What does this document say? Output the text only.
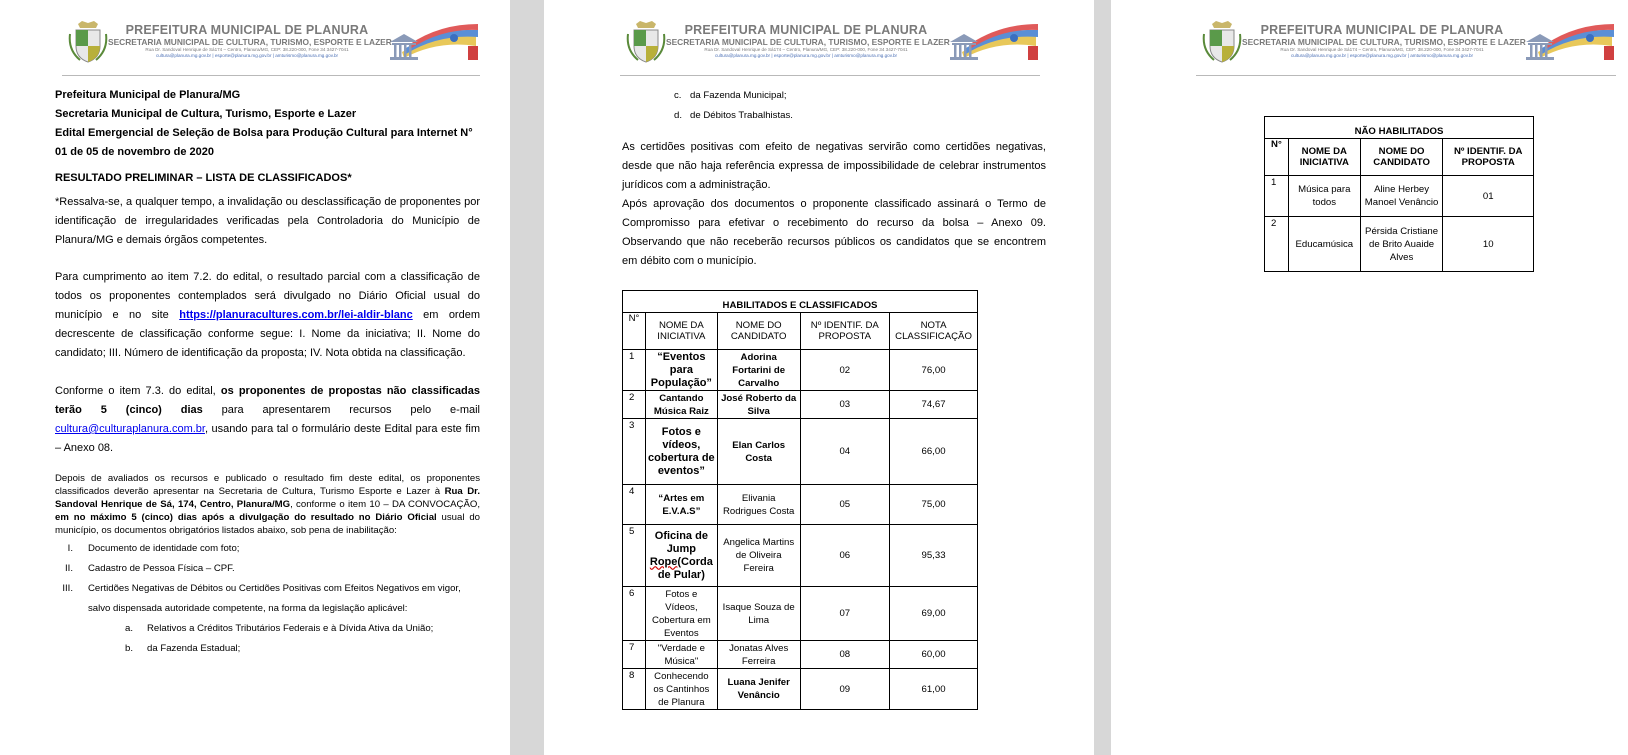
PREFEITURA MUNICIPAL DE PLANURA
SECRETARIA MUNICIPAL DE CULTURA, TURISMO, ESPORTE E LAZER
Rua Dr. Sandoval Henrique de Sá174 – Centro, Planura/MG, CEP: 38.220-000, Fone 34 3427-7041
cultura@planura.mg.gov.br | esporte@planura.mg.gov.br | amturismo@planura.mg.gov.br

Prefeitura Municipal de Planura/MG

Secretaria Municipal de Cultura, Turismo, Esporte e Lazer

Edital Emergencial de Seleção de Bolsa para Produção Cultural para Internet N°

01 de 05 de novembro de 2020

RESULTADO PRELIMINAR – LISTA DE CLASSIFICADOS*

*Ressalva-se, a qualquer tempo, a invalidação ou desclassificação de proponentes por identificação de irregularidades verificadas pela Controladoria do Município de Planura/MG e demais órgãos competentes.

Para cumprimento ao item 7.2. do edital, o resultado parcial com a classificação de todos os proponentes contemplados será divulgado no Diário Oficial usual do município e no site https://planuracultures.com.br/lei-aldir-blanc em ordem decrescente de classificação conforme segue: I. Nome da iniciativa; II. Nome do candidato; III. Número de identificação da proposta; IV. Nota obtida na classificação.

Conforme o item 7.3. do edital, os proponentes de propostas não classificadas terão 5 (cinco) dias para apresentarem recursos pelo e-mail cultura@culturaplanura.com.br, usando para tal o formulário deste Edital para este fim – Anexo 08.

Depois de avaliados os recursos e publicado o resultado fim deste edital, os proponentes classificados deverão apresentar na Secretaria de Cultura, Turismo Esporte e Lazer à Rua Dr. Sandoval Henrique de Sá, 174, Centro, Planura/MG, conforme o item 10 – DA CONVOCAÇÃO, em no máximo 5 (cinco) dias após a divulgação do resultado no Diário Oficial usual do município, os documentos obrigatórios listados abaixo, sob pena de inabilitação:

I. Documento de identidade com foto;
II. Cadastro de Pessoa Física – CPF.
III. Certidões Negativas de Débitos ou Certidões Positivas com Efeitos Negativos em vigor, salvo dispensada autoridade competente, na forma da legislação aplicável:
a. Relativos a Créditos Tributários Federais e à Dívida Ativa da União;
b. da Fazenda Estadual;
PREFEITURA MUNICIPAL DE PLANURA
SECRETARIA MUNICIPAL DE CULTURA, TURISMO, ESPORTE E LAZER
Rua Dr. Sandoval Henrique de Sá174 – Centro, Planura/MG, CEP: 38.220-000, Fone 34 3427-7041
cultura@planura.mg.gov.br | esporte@planura.mg.gov.br | amturismo@planura.mg.gov.br
c. da Fazenda Municipal;
d. de Débitos Trabalhistas.

As certidões positivas com efeito de negativas servirão como certidões negativas, desde que não haja referência expressa de impossibilidade de celebrar instrumentos jurídicos com a administração.

Após aprovação dos documentos o proponente classificado assinará o Termo de Compromisso para efetivar o recebimento do recurso da bolsa – Anexo 09. Observando que não receberão recursos públicos os candidatos que se encontrem em débito com o município.

HABILITADOS E CLASSIFICADOS				
N°	NOME DA INICIATIVA	NOME DO CANDIDATO	Nº IDENTIF. DA PROPOSTA	NOTA CLASSIFICAÇÃO
1	“Eventos para População”	Adorina Fortarini de Carvalho	02	76,00
2	Cantando Música Raiz	José Roberto da Silva	03	74,67
3	Fotos e vídeos, cobertura de eventos”	Elan Carlos Costa	04	66,00
4	“Artes em E.V.A.S”	Elivania Rodrigues Costa	05	75,00
5	Oficina de Jump Rope(Corda de Pular)	Angelica Martins de Oliveira Fereira	06	95,33
6	Fotos e Vídeos, Cobertura em Eventos	Isaque Souza de Lima	07	69,00
7	"Verdade e Música"	Jonatas Alves Ferreira	08	60,00
8	Conhecendo os Cantinhos de Planura	Luana Jenifer Venâncio	09	61,00
PREFEITURA MUNICIPAL DE PLANURA
SECRETARIA MUNICIPAL DE CULTURA, TURISMO, ESPORTE E LAZER
Rua Dr. Sandoval Henrique de Sá174 – Centro, Planura/MG, CEP: 38.220-000, Fone 34 3427-7041
cultura@planura.mg.gov.br | esporte@planura.mg.gov.br | amturismo@planura.mg.gov.br
NÃO HABILITADOS			
N°	NOME DA INICIATIVA	NOME DO CANDIDATO	Nº IDENTIF. DA PROPOSTA
1	Música para todos	Aline Herbey Manoel Venâncio	01
2	Educamúsica	Pérsida Cristiane de Brito Auaide Alves	10
